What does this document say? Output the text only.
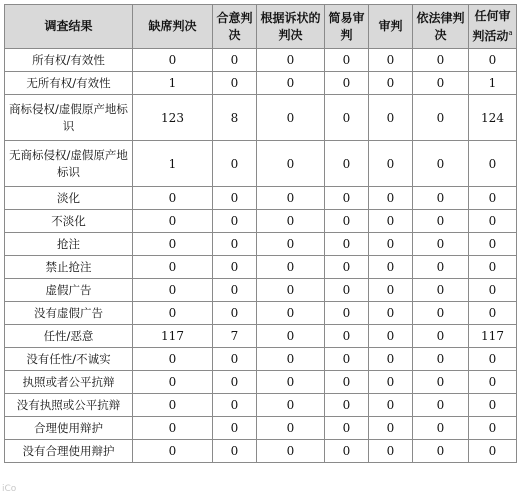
调查结果	缺席判决	合意判决	根据诉状的判决	简易审判	审判	依法律判决	任何审判活动$^a$
所有权/有效性	0	0	0	0	0	0	0
无所有权/有效性	1	0	0	0	0	0	1
商标侵权/虚假原产地标识	123	8	0	0	0	0	124
无商标侵权/虚假原产地标识	1	0	0	0	0	0	0
淡化	0	0	0	0	0	0	0
不淡化	0	0	0	0	0	0	0
抢注	0	0	0	0	0	0	0
禁止抢注	0	0	0	0	0	0	0
虚假广告	0	0	0	0	0	0	0
没有虚假广告	0	0	0	0	0	0	0
任性/恶意	117	7	0	0	0	0	117
没有任性/不诚实	0	0	0	0	0	0	0
执照或者公平抗辩	0	0	0	0	0	0	0
没有执照或公平抗辩	0	0	0	0	0	0	0
合理使用辩护	0	0	0	0	0	0	0
没有合理使用辩护	0	0	0	0	0	0	0
iCo
